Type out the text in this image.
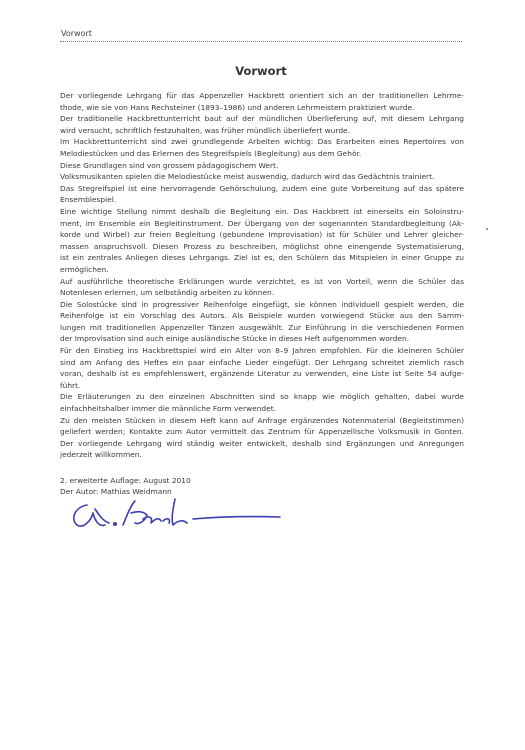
Vorwort
Vorwort
Der vorliegende Lehrgang für das Appenzeller Hackbrett orientiert sich an der traditionellen Lehrme-
thode, wie sie von Hans Rechsteiner (1893–1986) und anderen Lehrmeistern praktiziert wurde.
Der traditionelle Hackbrettunterricht baut auf der mündlichen Überlieferung auf, mit diesem Lehrgang
wird versucht, schriftlich festzuhalten, was früher mündlich überliefert wurde.
Im Hackbrettunterricht sind zwei grundlegende Arbeiten wichtig: Das Erarbeiten eines Repertoires von
Melodiestücken und das Erlernen des Stegreifspiels (Begleitung) aus dem Gehör.
Diese Grundlagen sind von grossem pädagogischem Wert.
Volksmusikanten spielen die Melodiestücke meist auswendig, dadurch wird das Gedächtnis trainiert.
Das Stegreifspiel ist eine hervorragende Gehörschulung, zudem eine gute Vorbereitung auf das spätere
Ensemblespiel.
Eine wichtige Stellung nimmt deshalb die Begleitung ein. Das Hackbrett ist einerseits ein Soloinstru-
ment, im Ensemble ein Begleitinstrument. Der Übergang von der sogenannten Standardbegleitung (Ak-
korde und Wirbel) zur freien Begleitung (gebundene Improvisation) ist für Schüler und Lehrer gleicher-
massen anspruchsvoll. Diesen Prozess zu beschreiben, möglichst ohne einengende Systematisierung,
ist ein zentrales Anliegen dieses Lehrgangs. Ziel ist es, den Schülern das Mitspielen in einer Gruppe zu
ermöglichen.
Auf ausführliche theoretische Erklärungen wurde verzichtet, es ist von Vorteil, wenn die Schüler das
Notenlesen erlernen, um selbständig arbeiten zu können.
Die Solostücke sind in progressiver Reihenfolge eingefügt, sie können individuell gespielt werden, die
Reihenfolge ist ein Vorschlag des Autors. Als Beispiele wurden vorwiegend Stücke aus den Samm-
lungen mit traditionellen Appenzeller Tänzen ausgewählt. Zur Einführung in die verschiedenen Formen
der Improvisation sind auch einige ausländische Stücke in dieses Heft aufgenommen worden.
Für den Einstieg ins Hackbrettspiel wird ein Alter von 8–9 Jahren empfohlen. Für die kleineren Schüler
sind am Anfang des Heftes ein paar einfache Lieder eingefügt. Der Lehrgang schreitet ziemlich rasch
voran, deshalb ist es empfehlenswert, ergänzende Literatur zu verwenden, eine Liste ist Seite 54 aufge-
führt.
Die Erläuterungen zu den einzelnen Abschnitten sind so knapp wie möglich gehalten, dabei wurde
einfachheitshalber immer die männliche Form verwendet.
Zu den meisten Stücken in diesem Heft kann auf Anfrage ergänzendes Notenmaterial (Begleitstimmen)
geliefert werden; Kontakte zum Autor vermittelt das Zentrum für Appenzellische Volksmusik in Gonten.
Der vorliegende Lehrgang wird ständig weiter entwickelt, deshalb sind Ergänzungen und Anregungen
jederzeit willkommen.
2. erweiterte Auflage: August 2010
Der Autor: Mathias Weidmann
